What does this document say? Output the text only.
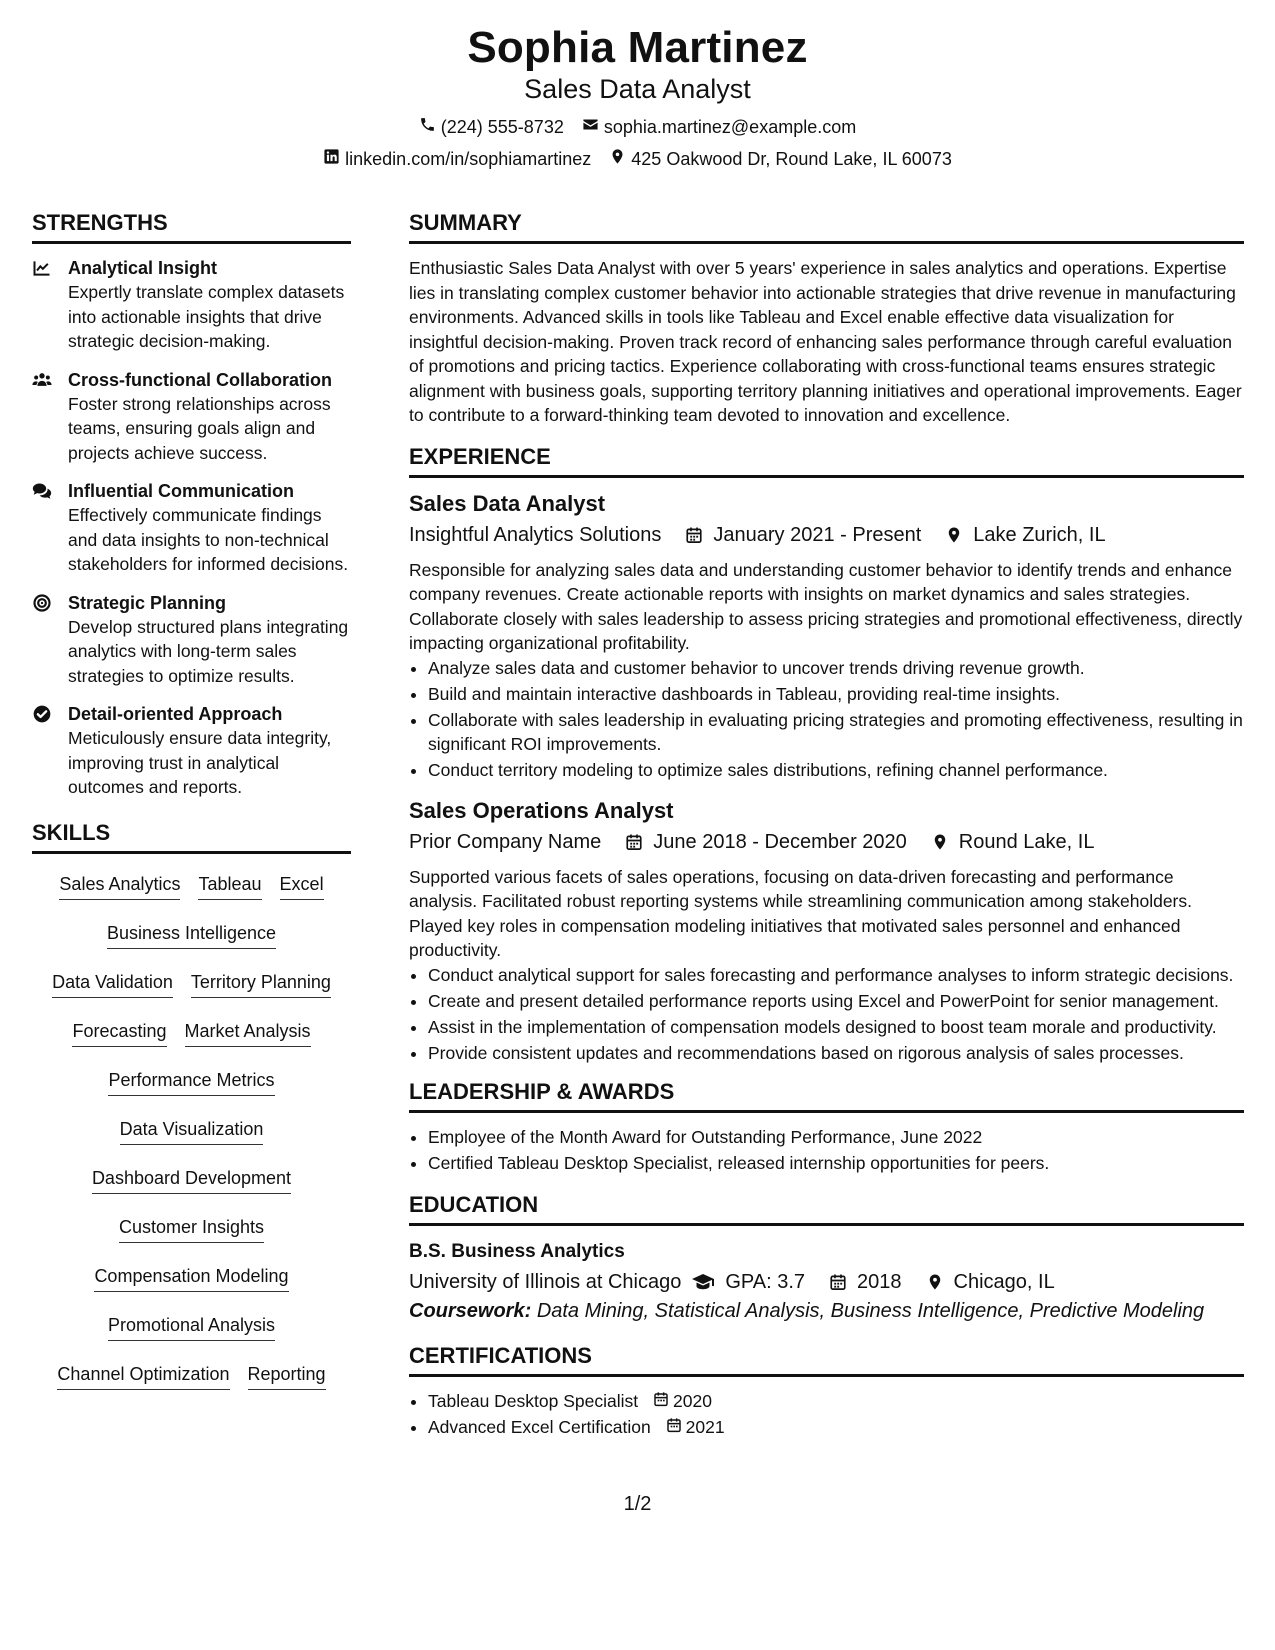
Sophia Martinez
Sales Data Analyst
(224) 555-8732 sophia.martinez@example.com
linkedin.com/in/sophiamartinez 425 Oakwood Dr, Round Lake, IL 60073
STRENGTHS
Analytical Insight
Expertly translate complex datasets into actionable insights that drive strategic decision-making.
Cross-functional Collaboration
Foster strong relationships across teams, ensuring goals align and projects achieve success.
Influential Communication
Effectively communicate findings and data insights to non-technical stakeholders for informed decisions.
Strategic Planning
Develop structured plans integrating analytics with long-term sales strategies to optimize results.
Detail-oriented Approach
Meticulously ensure data integrity, improving trust in analytical outcomes and reports.
SKILLS
Sales Analytics Tableau Excel
Business Intelligence
Data Validation Territory Planning
Forecasting Market Analysis
Performance Metrics
Data Visualization
Dashboard Development
Customer Insights
Compensation Modeling
Promotional Analysis
Channel Optimization Reporting
SUMMARY

Enthusiastic Sales Data Analyst with over 5 years' experience in sales analytics and operations. Expertise lies in translating complex customer behavior into actionable strategies that drive revenue in manufacturing environments. Advanced skills in tools like Tableau and Excel enable effective data visualization for insightful decision-making. Proven track record of enhancing sales performance through careful evaluation of promotions and pricing tactics. Experience collaborating with cross-functional teams ensures strategic alignment with business goals, supporting territory planning initiatives and operational improvements. Eager to contribute to a forward-thinking team devoted to innovation and excellence.

EXPERIENCE
Sales Data Analyst
Insightful Analytics Solutions	January 2021 - Present	Lake Zurich, IL

Responsible for analyzing sales data and understanding customer behavior to identify trends and enhance company revenues. Create actionable reports with insights on market dynamics and sales strategies. Collaborate closely with sales leadership to assess pricing strategies and promotional effectiveness, directly impacting organizational profitability.

• Analyze sales data and customer behavior to uncover trends driving revenue growth.
• Build and maintain interactive dashboards in Tableau, providing real-time insights.
• Collaborate with sales leadership in evaluating pricing strategies and promoting effectiveness, resulting in significant ROI improvements.
• Conduct territory modeling to optimize sales distributions, refining channel performance.
Sales Operations Analyst
Prior Company Name	June 2018 - December 2020	Round Lake, IL

Supported various facets of sales operations, focusing on data-driven forecasting and performance analysis. Facilitated robust reporting systems while streamlining communication among stakeholders. Played key roles in compensation modeling initiatives that motivated sales personnel and enhanced productivity.

• Conduct analytical support for sales forecasting and performance analyses to inform strategic decisions.
• Create and present detailed performance reports using Excel and PowerPoint for senior management.
• Assist in the implementation of compensation models designed to boost team morale and productivity.
• Provide consistent updates and recommendations based on rigorous analysis of sales processes.
LEADERSHIP & AWARDS
• Employee of the Month Award for Outstanding Performance, June 2022
• Certified Tableau Desktop Specialist, released internship opportunities for peers.
EDUCATION
B.S. Business Analytics
University of Illinois at Chicago GPA: 3.7	2018	Chicago, IL
Coursework: Data Mining, Statistical Analysis, Business Intelligence, Predictive Modeling
CERTIFICATIONS
• Tableau Desktop Specialist 2020
• Advanced Excel Certification 2021
1/2
